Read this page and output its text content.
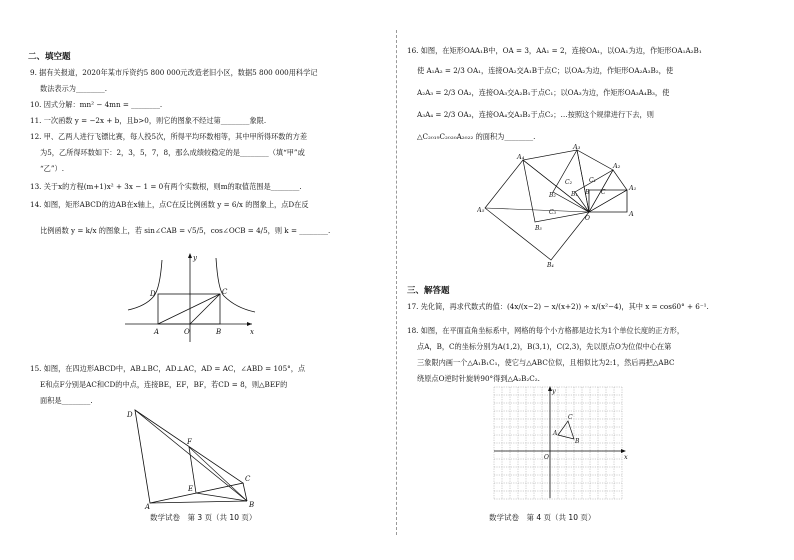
二、填空题
9. 据有关报道，2020年某市斥资约5 800 000元改造老旧小区，数据5 800 000用科学记
数法表示为________.
10. 因式分解：mn² − 4mn = ________.
11. 一次函数 y = −2x + b，且b>0，则它的图象不经过第________象限.
12. 甲、乙两人进行飞镖比赛，每人投5次，所得平均环数相等，其中甲所得环数的方差
为5，乙所得环数如下：2，3，5，7，8，那么成绩较稳定的是________（填“甲”或
“乙”）.
13. 关于x的方程(m+1)x² + 3x − 1 = 0有两个实数根，则m的取值范围是________.
14. 如图，矩形ABCD的边AB在x轴上，点C在反比例函数 y = 6/x 的图象上，点D在反
比例函数 y = k/x 的图象上，若 sin∠CAB = √5/5，cos∠OCB = 4/5，则 k = ________.
y
x
D	C
A	O	B
15. 如图，在四边形ABCD中，AB⊥BC，AD⊥AC，AD = AC，∠ABD = 105°，点
E和点F分别是AC和CD的中点，连接BE，EF，BF，若CD = 8，则△BEF的
面积是________.
D
F
E
C
A	B
数学试卷　第 3 页（共 10 页）
16. 如图，在矩形OAA₁B中，OA = 3，AA₁ = 2，连接OA₁，以OA₁为边，作矩形OA₁A₂B₁
使 A₁A₂ = 2/3 OA₁，连接OA₂交A₁B于点C；以OA₂为边，作矩形OA₂A₃B₂，使
A₂A₃ = 2/3 OA₂，连接OA₃交A₂B₁于点C₁；以OA₃为边，作矩形OA₃A₄B₃，使
A₃A₄ = 2/3 OA₃，连接OA₄交A₃B₂于点C₂；…按照这个规律进行下去，则
△C₂₀₁₉C₂₀₂₀A₂₀₂₂ 的面积为________.
A₄
A₃
A₂
A₁
A
A₅
C
C₁
C₂
C₃
B
B₁
B₂
B₃
B₄
O
三、解答题
17. 先化简，再求代数式的值：(4x/(x−2) − x/(x+2)) ÷ x/(x²−4)，其中 x = cos60° + 6⁻¹.
18. 如图，在平面直角坐标系中，网格的每个小方格都是边长为1个单位长度的正方形，
点A，B，C的坐标分别为A(1,2)，B(3,1)，C(2,3)，先以原点O为位似中心在第
三象限内画一个△A₁B₁C₁，使它与△ABC位似，且相似比为2:1，然后再把△ABC
绕原点O逆时针旋转90°得到△A₂B₂C₂.
y
x
O
C
A
B
数学试卷　第 4 页（共 10 页）
